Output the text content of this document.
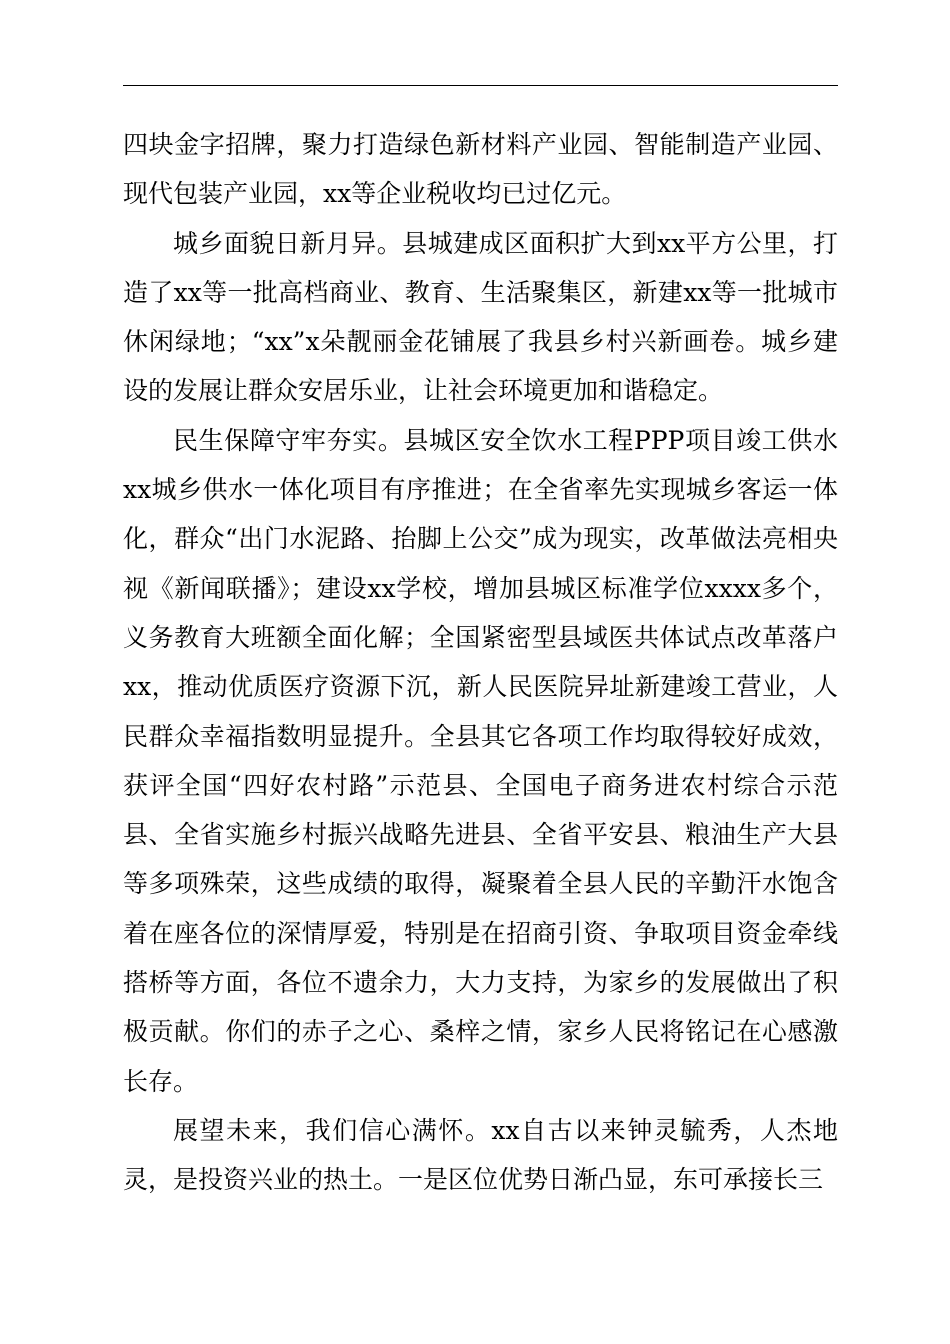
四块金字招牌，聚力打造绿色新材料产业园、智能制造产业园、现代包装产业园，xx等企业税收均已过亿元。

城乡面貌日新月异。县城建成区面积扩大到xx平方公里，打造了xx等一批高档商业、教育、生活聚集区，新建xx等一批城市休闲绿地；“xx”x朵靓丽金花铺展了我县乡村兴新画卷。城乡建设的发展让群众安居乐业，让社会环境更加和谐稳定。

民生保障守牢夯实。县城区安全饮水工程PPP项目竣工供水xx城乡供水一体化项目有序推进；在全省率先实现城乡客运一体化，群众“出门水泥路、抬脚上公交”成为现实，改革做法亮相央视《新闻联播》；建设xx学校，增加县城区标准学位xxxx多个，义务教育大班额全面化解；全国紧密型县域医共体试点改革落户xx，推动优质医疗资源下沉，新人民医院异址新建竣工营业，人民群众幸福指数明显提升。全县其它各项工作均取得较好成效，获评全国“四好农村路”示范县、全国电子商务进农村综合示范县、全省实施乡村振兴战略先进县、全省平安县、粮油生产大县等多项殊荣，这些成绩的取得，凝聚着全县人民的辛勤汗水饱含着在座各位的深情厚爱，特别是在招商引资、争取项目资金牵线搭桥等方面，各位不遗余力，大力支持，为家乡的发展做出了积极贡献。你们的赤子之心、桑梓之情，家乡人民将铭记在心感激长存。

展望未来，我们信心满怀。xx自古以来钟灵毓秀，人杰地灵，是投资兴业的热土。一是区位优势日渐凸显，东可承接长三
